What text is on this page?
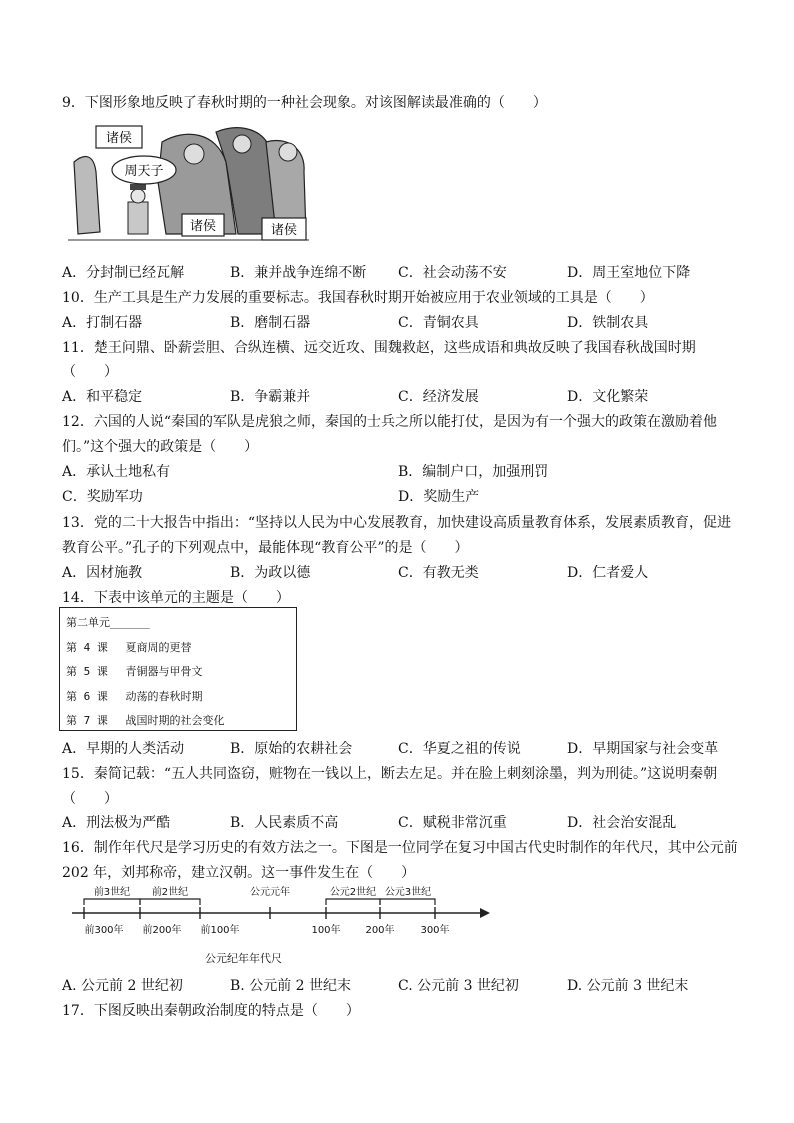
9．下图形象地反映了春秋时期的一种社会现象。对该图解读最准确的（　　）
诸侯
周天子
诸侯	诸侯
A．分封制已经瓦解	B．兼并战争连绵不断 C．社会动荡不安	D．周王室地位下降
10．生产工具是生产力发展的重要标志。我国春秋时期开始被应用于农业领域的工具是（　　）
A．打制石器	B．磨制石器	C．青铜农具	D．铁制农具
11．楚王问鼎、卧薪尝胆、合纵连横、远交近攻、围魏救赵，这些成语和典故反映了我国春秋战国时期
（　　）
A．和平稳定	B．争霸兼并	C．经济发展	D．文化繁荣
12．六国的人说“秦国的军队是虎狼之师，秦国的士兵之所以能打仗，是因为有一个强大的政策在激励着他
们。”这个强大的政策是（　　）
A．承认土地私有	B．编制户口，加强刑罚
C．奖励军功	D．奖励生产
13．党的二十大报告中指出：“坚持以人民为中心发展教育，加快建设高质量教育体系，发展素质教育，促进
教育公平。”孔子的下列观点中，最能体现“教育公平”的是（　　）
A．因材施教	B．为政以德	C．有教无类	D．仁者爱人
14．下表中该单元的主题是（　　）
第二单元______
第 4 课　 夏商周的更替
第 5 课　 青铜器与甲骨文
第 6 课　 动荡的春秋时期
第 7 课　 战国时期的社会变化
A．早期的人类活动	B．原始的农耕社会	C．华夏之祖的传说	D．早期国家与社会变革
15．秦简记载：“五人共同盗窃，赃物在一钱以上，断去左足。并在脸上刺刻涂墨，判为刑徒。”这说明秦朝
（　　）
A．刑法极为严酷	B．人民素质不高	C．赋税非常沉重	D．社会治安混乱
16．制作年代尺是学习历史的有效方法之一。下图是一位同学在复习中国古代史时制作的年代尺，其中公元前
202 年，刘邦称帝，建立汉朝。这一事件发生在（　　）
前3世纪 前2世纪	公元元年	公元2世纪 公元3世纪
前300年 前200年 前100年	100年 200年	300年
公元纪年年代尺
A. 公元前 2 世纪初	B. 公元前 2 世纪末	C. 公元前 3 世纪初	D. 公元前 3 世纪末
17．下图反映出秦朝政治制度的特点是（　　）
